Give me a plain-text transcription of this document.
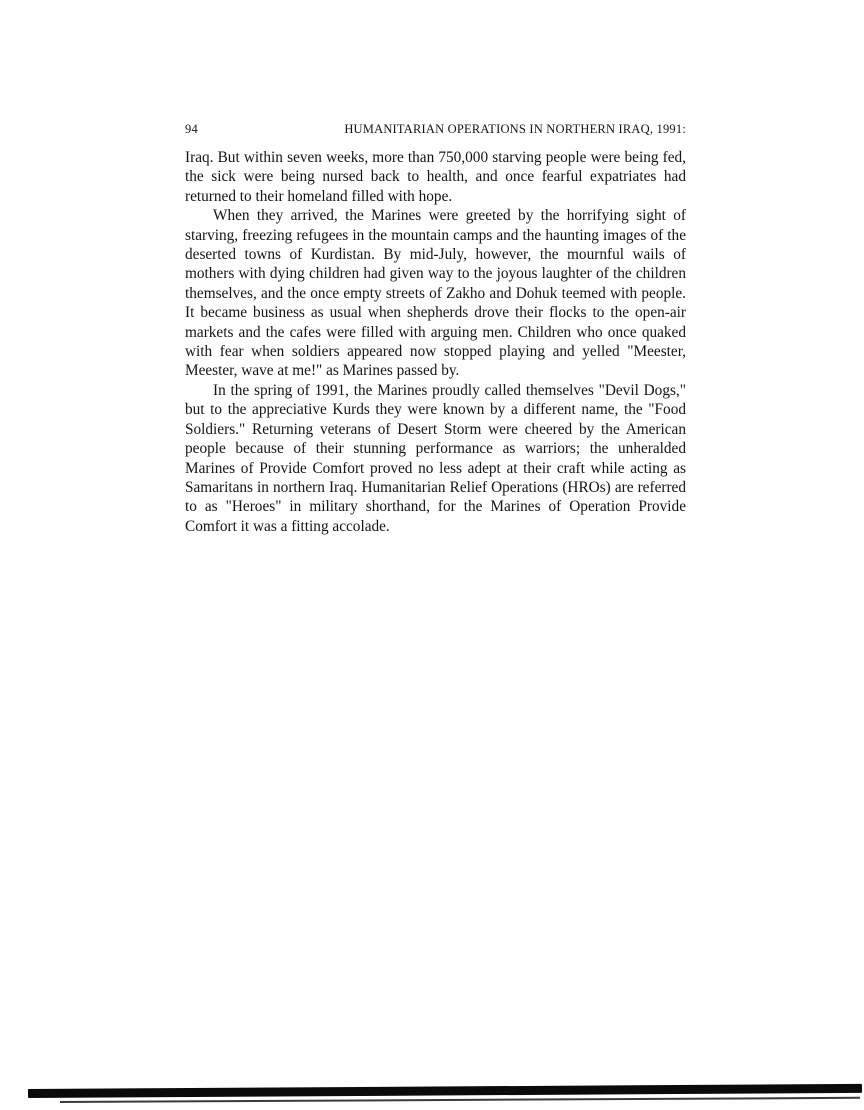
94	HUMANITARIAN OPERATIONS IN NORTHERN IRAQ, 1991:

Iraq. But within seven weeks, more than 750,000 starving people were being fed, the sick were being nursed back to health, and once fearful expatriates had returned to their homeland filled with hope.

When they arrived, the Marines were greeted by the horrifying sight of starving, freezing refugees in the mountain camps and the haunting images of the deserted towns of Kurdistan. By mid-July, however, the mournful wails of mothers with dying children had given way to the joyous laughter of the children themselves, and the once empty streets of Zakho and Dohuk teemed with people. It became business as usual when shepherds drove their flocks to the open-air markets and the cafes were filled with arguing men. Children who once quaked with fear when soldiers appeared now stopped playing and yelled "Meester, Meester, wave at me!" as Marines passed by.

In the spring of 1991, the Marines proudly called themselves "Devil Dogs," but to the appreciative Kurds they were known by a different name, the "Food Soldiers." Returning veterans of Desert Storm were cheered by the American people because of their stunning performance as warriors; the unheralded Marines of Provide Comfort proved no less adept at their craft while acting as Samaritans in northern Iraq. Humanitarian Relief Operations (HROs) are referred to as "Heroes" in military shorthand, for the Marines of Operation Provide Comfort it was a fitting accolade.
